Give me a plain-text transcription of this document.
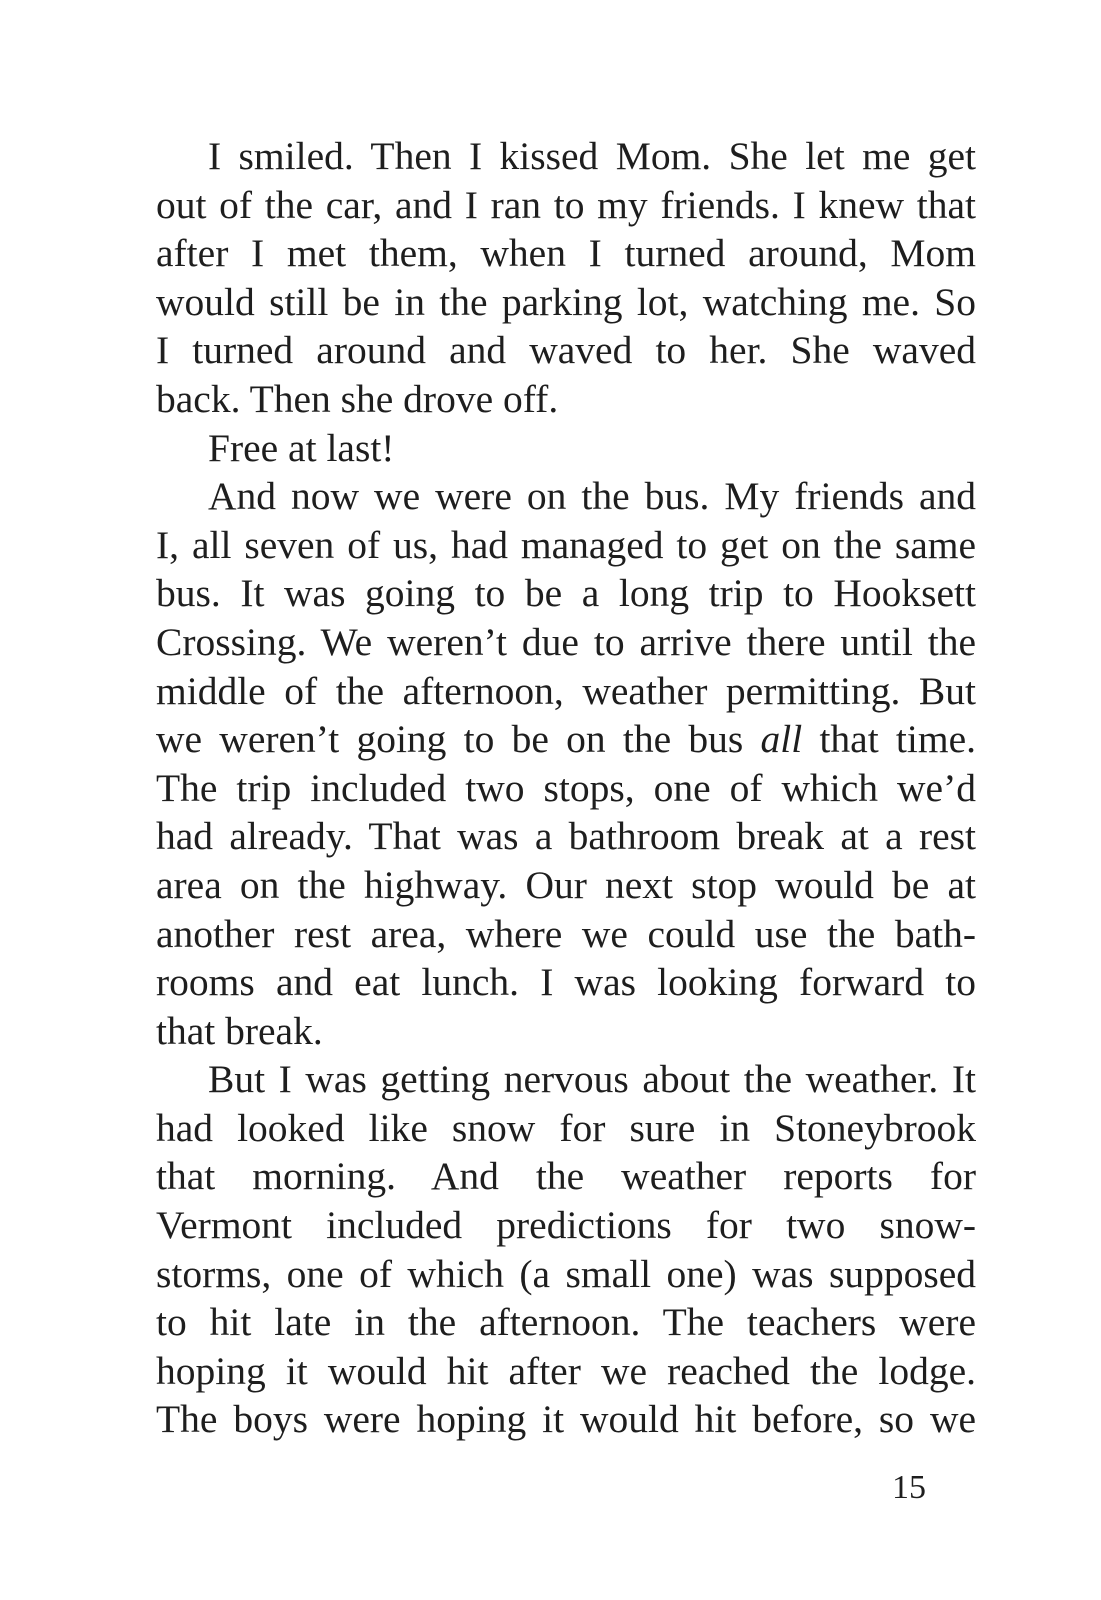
I smiled. Then I kissed Mom. She let me get
out of the car, and I ran to my friends. I knew that
after I met them, when I turned around, Mom
would still be in the parking lot, watching me. So
I turned around and waved to her. She waved
back. Then she drove off.
Free at last!
And now we were on the bus. My friends and
I, all seven of us, had managed to get on the same
bus. It was going to be a long trip to Hooksett
Crossing. We weren’t due to arrive there until the
middle of the afternoon, weather permitting. But
we weren’t going to be on the bus all that time.
The trip included two stops, one of which we’d
had already. That was a bathroom break at a rest
area on the highway. Our next stop would be at
another rest area, where we could use the bath-
rooms and eat lunch. I was looking forward to
that break.
But I was getting nervous about the weather. It
had looked like snow for sure in Stoneybrook
that morning. And the weather reports for
Vermont included predictions for two snow-
storms, one of which (a small one) was supposed
to hit late in the afternoon. The teachers were
hoping it would hit after we reached the lodge.
The boys were hoping it would hit before, so we
15
